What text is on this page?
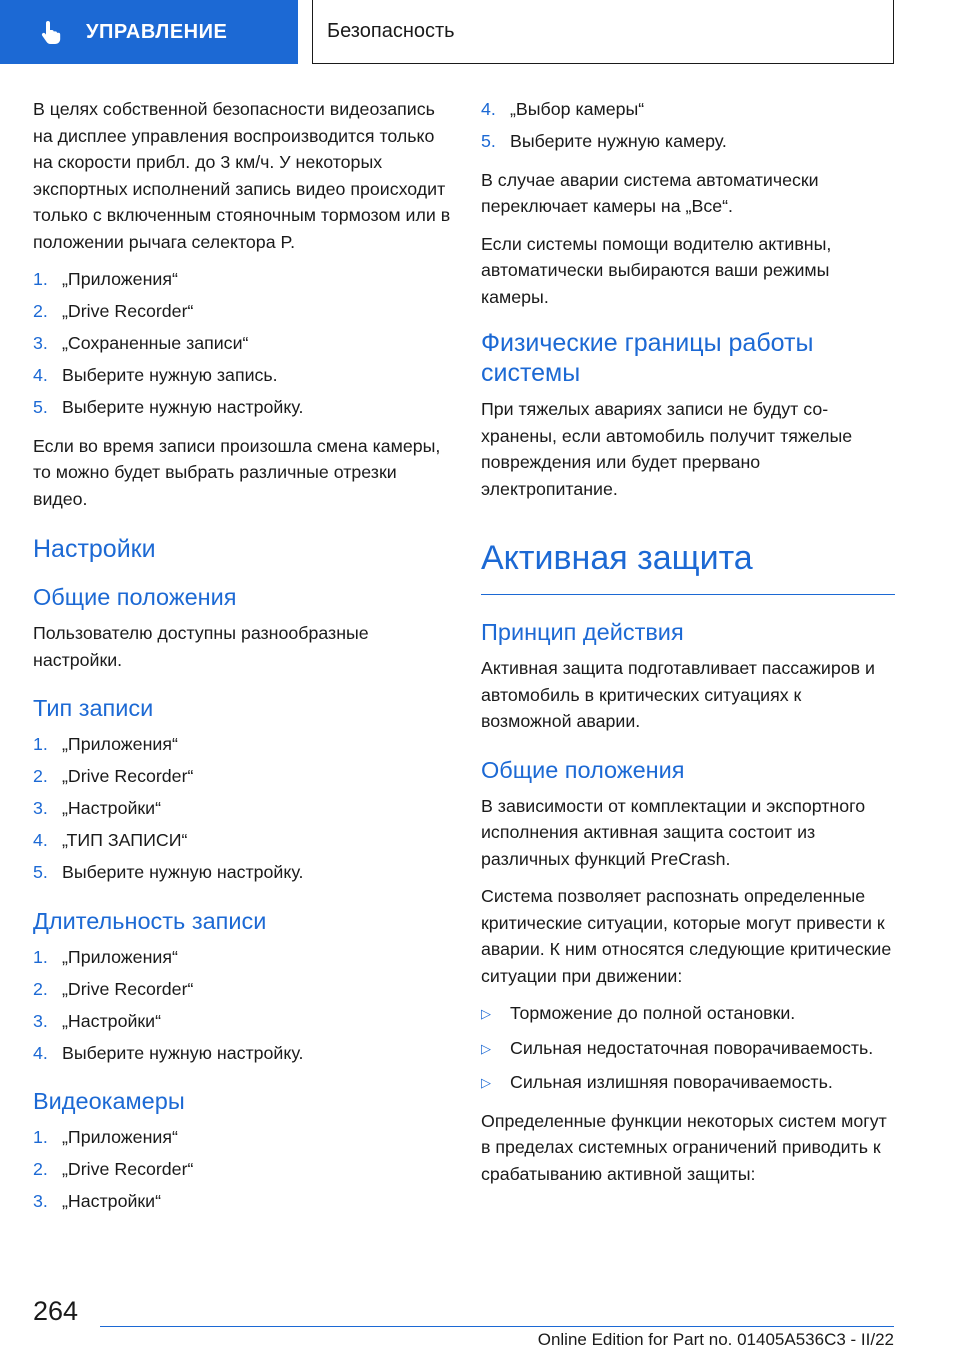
УПРАВЛЕНИЕ	Безопасность

В целях собственной безопасности видеозапись на дисплее управления воспроизводится только на скорости прибл. до 3 км/ч. У некоторых экспортных исполнений запись видео происходит только с включенным стояночным тормозом или в положении рычага селектора P.

1. „Приложения“
2. „Drive Recorder“
3. „Сохраненные записи“
4. Выберите нужную запись.
5. Выберите нужную настройку.

Если во время записи произошла смена камеры, то можно будет выбрать различные отрезки видео.

Настройки
Общие положения

Пользователю доступны разнообразные настройки.

Тип записи
1. „Приложения“
2. „Drive Recorder“
3. „Настройки“
4. „ТИП ЗАПИСИ“
5. Выберите нужную настройку.
Длительность записи
1. „Приложения“
2. „Drive Recorder“
3. „Настройки“
4. Выберите нужную настройку.
Видеокамеры
1. „Приложения“
2. „Drive Recorder“
3. „Настройки“
4. „Выбор камеры“
5. Выберите нужную камеру.

В случае аварии система автоматически переключает камеры на „Все“.

Если системы помощи водителю активны, автоматически выбираются ваши режимы камеры.

Физические границы работы системы

При тяжелых авариях записи не будут сохранены, если автомобиль получит тяжелые повреждения или будет прерванo электропитание.

Активная защита
Принцип действия

Активная защита подготавливает пассажиров и автомобиль в критических ситуациях к возможной аварии.

Общие положения

В зависимости от комплектации и экспортного исполнения активная защита состоит из различных функций PreCrash.

Система позволяет распознать определенные критические ситуации, которые могут привести к аварии. К ним относятся следующие критические ситуации при движении:

▷ Торможение до полной остановки.
▷ Сильная недостаточная поворачиваемость.
▷ Сильная излишняя поворачиваемость.

Определенные функции некоторых систем могут в пределах системных ограничений приводить к срабатыванию активной защиты:

264
Online Edition for Part no. 01405A536C3 - II/22
